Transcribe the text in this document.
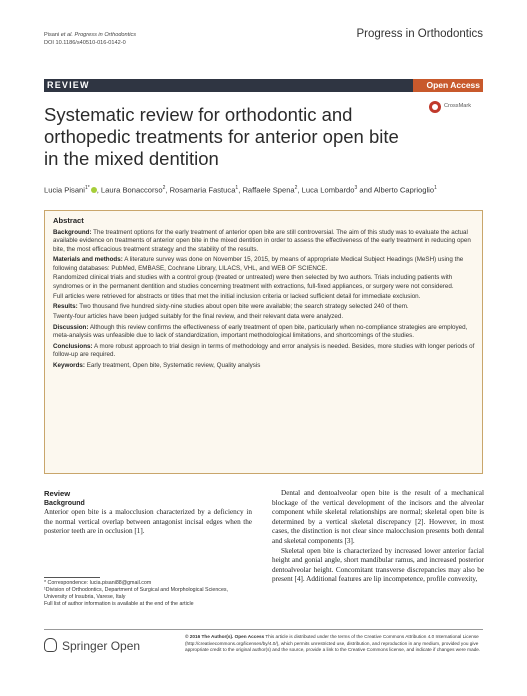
Pisani et al. Progress in Orthodontics
DOI 10.1186/s40510-016-0142-0
Progress in Orthodontics
REVIEW	Open Access
Systematic review for orthodontic and orthopedic treatments for anterior open bite in the mixed dentition
CrossMark
Lucia Pisani$^{1*}$ , Laura Bonaccorso$^2$, Rosamaria Fastuca$^1$, Raffaele Spena$^2$, Luca Lombardo$^3$ and Alberto Caprioglio$^1$
Abstract

Background: The treatment options for the early treatment of anterior open bite are still controversial. The aim of this study was to evaluate the actual available evidence on treatments of anterior open bite in the mixed dentition in order to assess the effectiveness of the early treatment in reducing open bite, the most efficacious treatment strategy and the stability of the results.

Materials and methods: A literature survey was done on November 15, 2015, by means of appropriate Medical Subject Headings (MeSH) using the following databases: PubMed, EMBASE, Cochrane Library, LILACS, VHL, and WEB OF SCIENCE.

Randomized clinical trials and studies with a control group (treated or untreated) were then selected by two authors. Trials including patients with syndromes or in the permanent dentition and studies concerning treatment with extractions, full-fixed appliances, or surgery were not considered.

Full articles were retrieved for abstracts or titles that met the initial inclusion criteria or lacked sufficient detail for immediate exclusion.

Results: Two thousand five hundred sixty-nine studies about open bite were available; the search strategy selected 240 of them.

Twenty-four articles have been judged suitably for the final review, and their relevant data were analyzed.

Discussion: Although this review confirms the effectiveness of early treatment of open bite, particularly when no-compliance strategies are employed, meta-analysis was unfeasible due to lack of standardization, important methodological limitations, and shortcomings of the studies.

Conclusions: A more robust approach to trial design in terms of methodology and error analysis is needed. Besides, more studies with longer periods of follow-up are required.

Keywords: Early treatment, Open bite, Systematic review, Quality analysis

Review
Background

Anterior open bite is a malocclusion characterized by a deficiency in the normal vertical overlap between antagonist incisal edges when the posterior teeth are in occlusion [1].

Dental and dentoalveolar open bite is the result of a mechanical blockage of the vertical development of the incisors and the alveolar component while skeletal relationships are normal; skeletal open bite is determined by a vertical skeletal discrepancy [2]. However, in most cases, the distinction is not clear since malocclusion presents both dental and skeletal components [3].

Skeletal open bite is characterized by increased lower anterior facial height and gonial angle, short mandibular ramus, and increased posterior dentoalveolar height. Concomitant transverse discrepancies may also be present [4]. Additional features are lip incompetence, profile convexity,

* Correspondence: lucia.pisani88@gmail.com

¹Division of Orthodontics, Department of Surgical and Morphological Sciences, University of Insubria, Varese, Italy

Full list of author information is available at the end of the article

Springer Open
© 2016 The Author(s). Open Access This article is distributed under the terms of the Creative Commons Attribution 4.0 International License (http://creativecommons.org/licenses/by/4.0/), which permits unrestricted use, distribution, and reproduction in any medium, provided you give appropriate credit to the original author(s) and the source, provide a link to the Creative Commons license, and indicate if changes were made.
